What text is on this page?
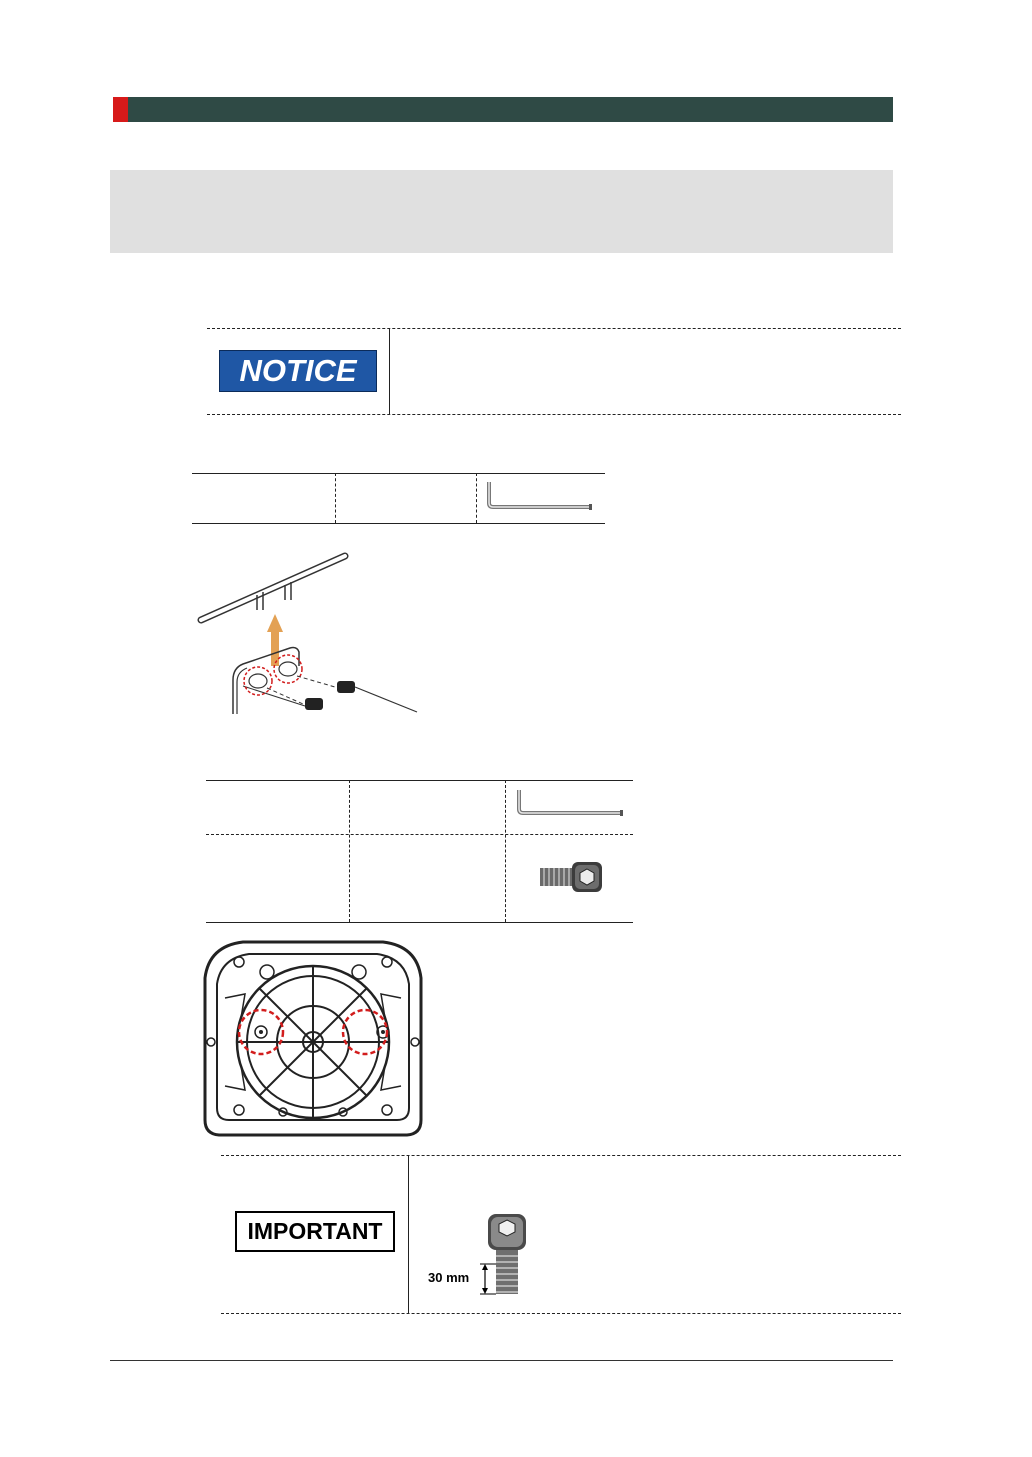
NOTICE
IMPORTANT
30 mm
